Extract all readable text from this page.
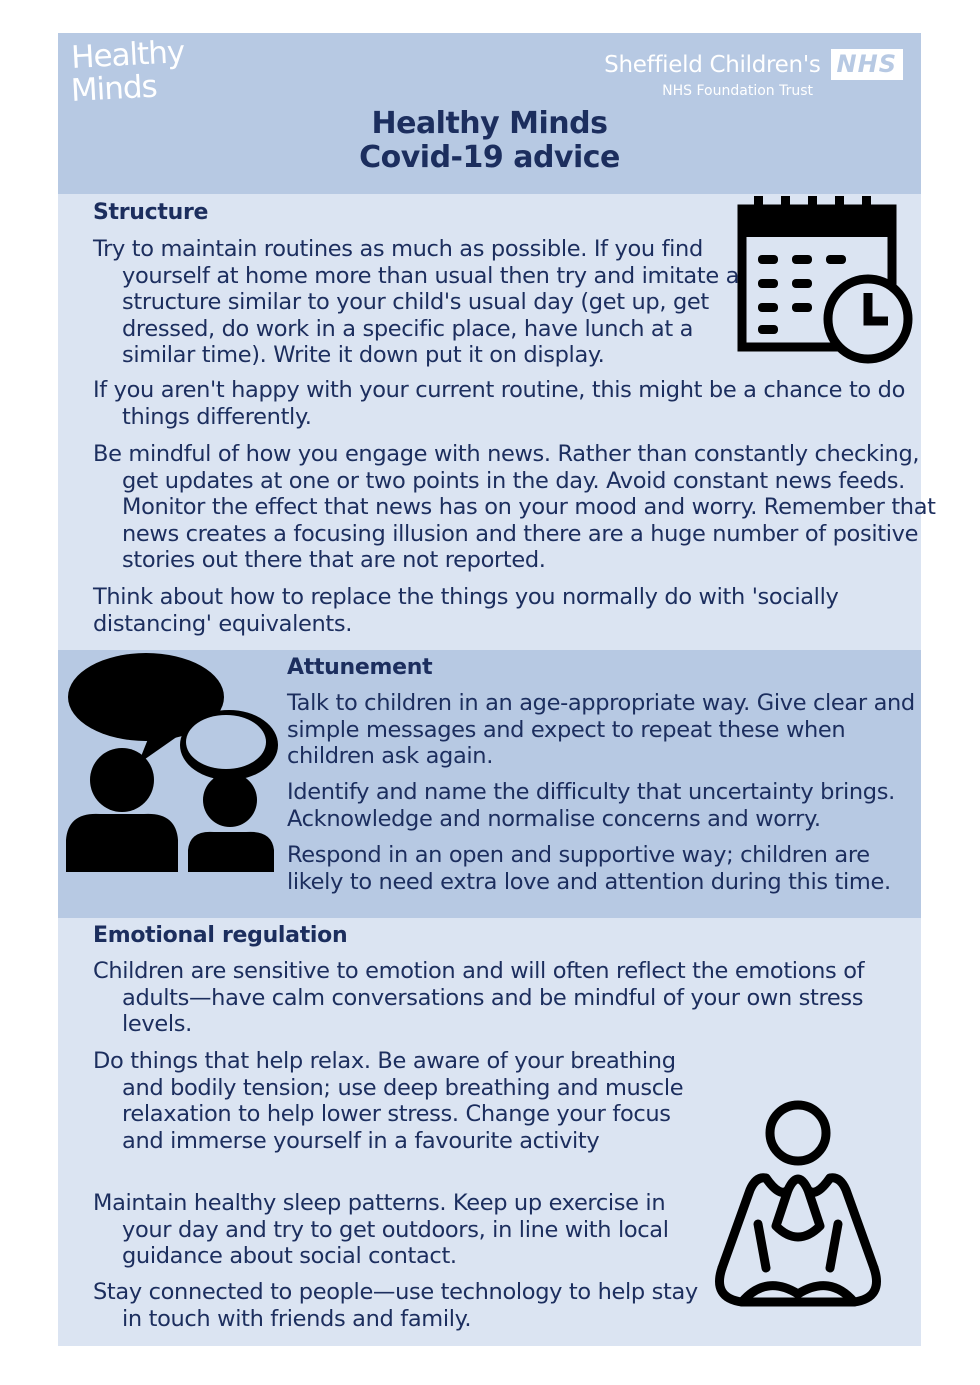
Healthy
Minds
Sheffield Children's NHS
NHS Foundation Trust
Healthy Minds
Covid-19 advice
Structure

Try to maintain routines as much as possible. If you find yourself at home more than usual then try and imitate a structure similar to your child's usual day (get up, get dressed, do work in a specific place, have lunch at a similar time). Write it down put it on display.

If you aren't happy with your current routine, this might be a chance to do things differently.

Be mindful of how you engage with news. Rather than constantly checking, get updates at one or two points in the day. Avoid constant news feeds. Monitor the effect that news has on your mood and worry. Remember that news creates a focusing illusion and there are a huge number of positive stories out there that are not reported.

Think about how to replace the things you normally do with 'socially distancing' equivalents.

Attunement

Talk to children in an age-appropriate way. Give clear and simple messages and expect to repeat these when children ask again.

Identify and name the difficulty that uncertainty brings. Acknowledge and normalise concerns and worry.

Respond in an open and supportive way; children are likely to need extra love and attention during this time.

Emotional regulation

Children are sensitive to emotion and will often reflect the emotions of adults—have calm conversations and be mindful of your own stress levels.

Do things that help relax. Be aware of your breathing and bodily tension; use deep breathing and muscle relaxation to help lower stress. Change your focus and immerse yourself in a favourite activity

Maintain healthy sleep patterns. Keep up exercise in your day and try to get outdoors, in line with local guidance about social contact.

Stay connected to people—use technology to help stay in touch with friends and family.
